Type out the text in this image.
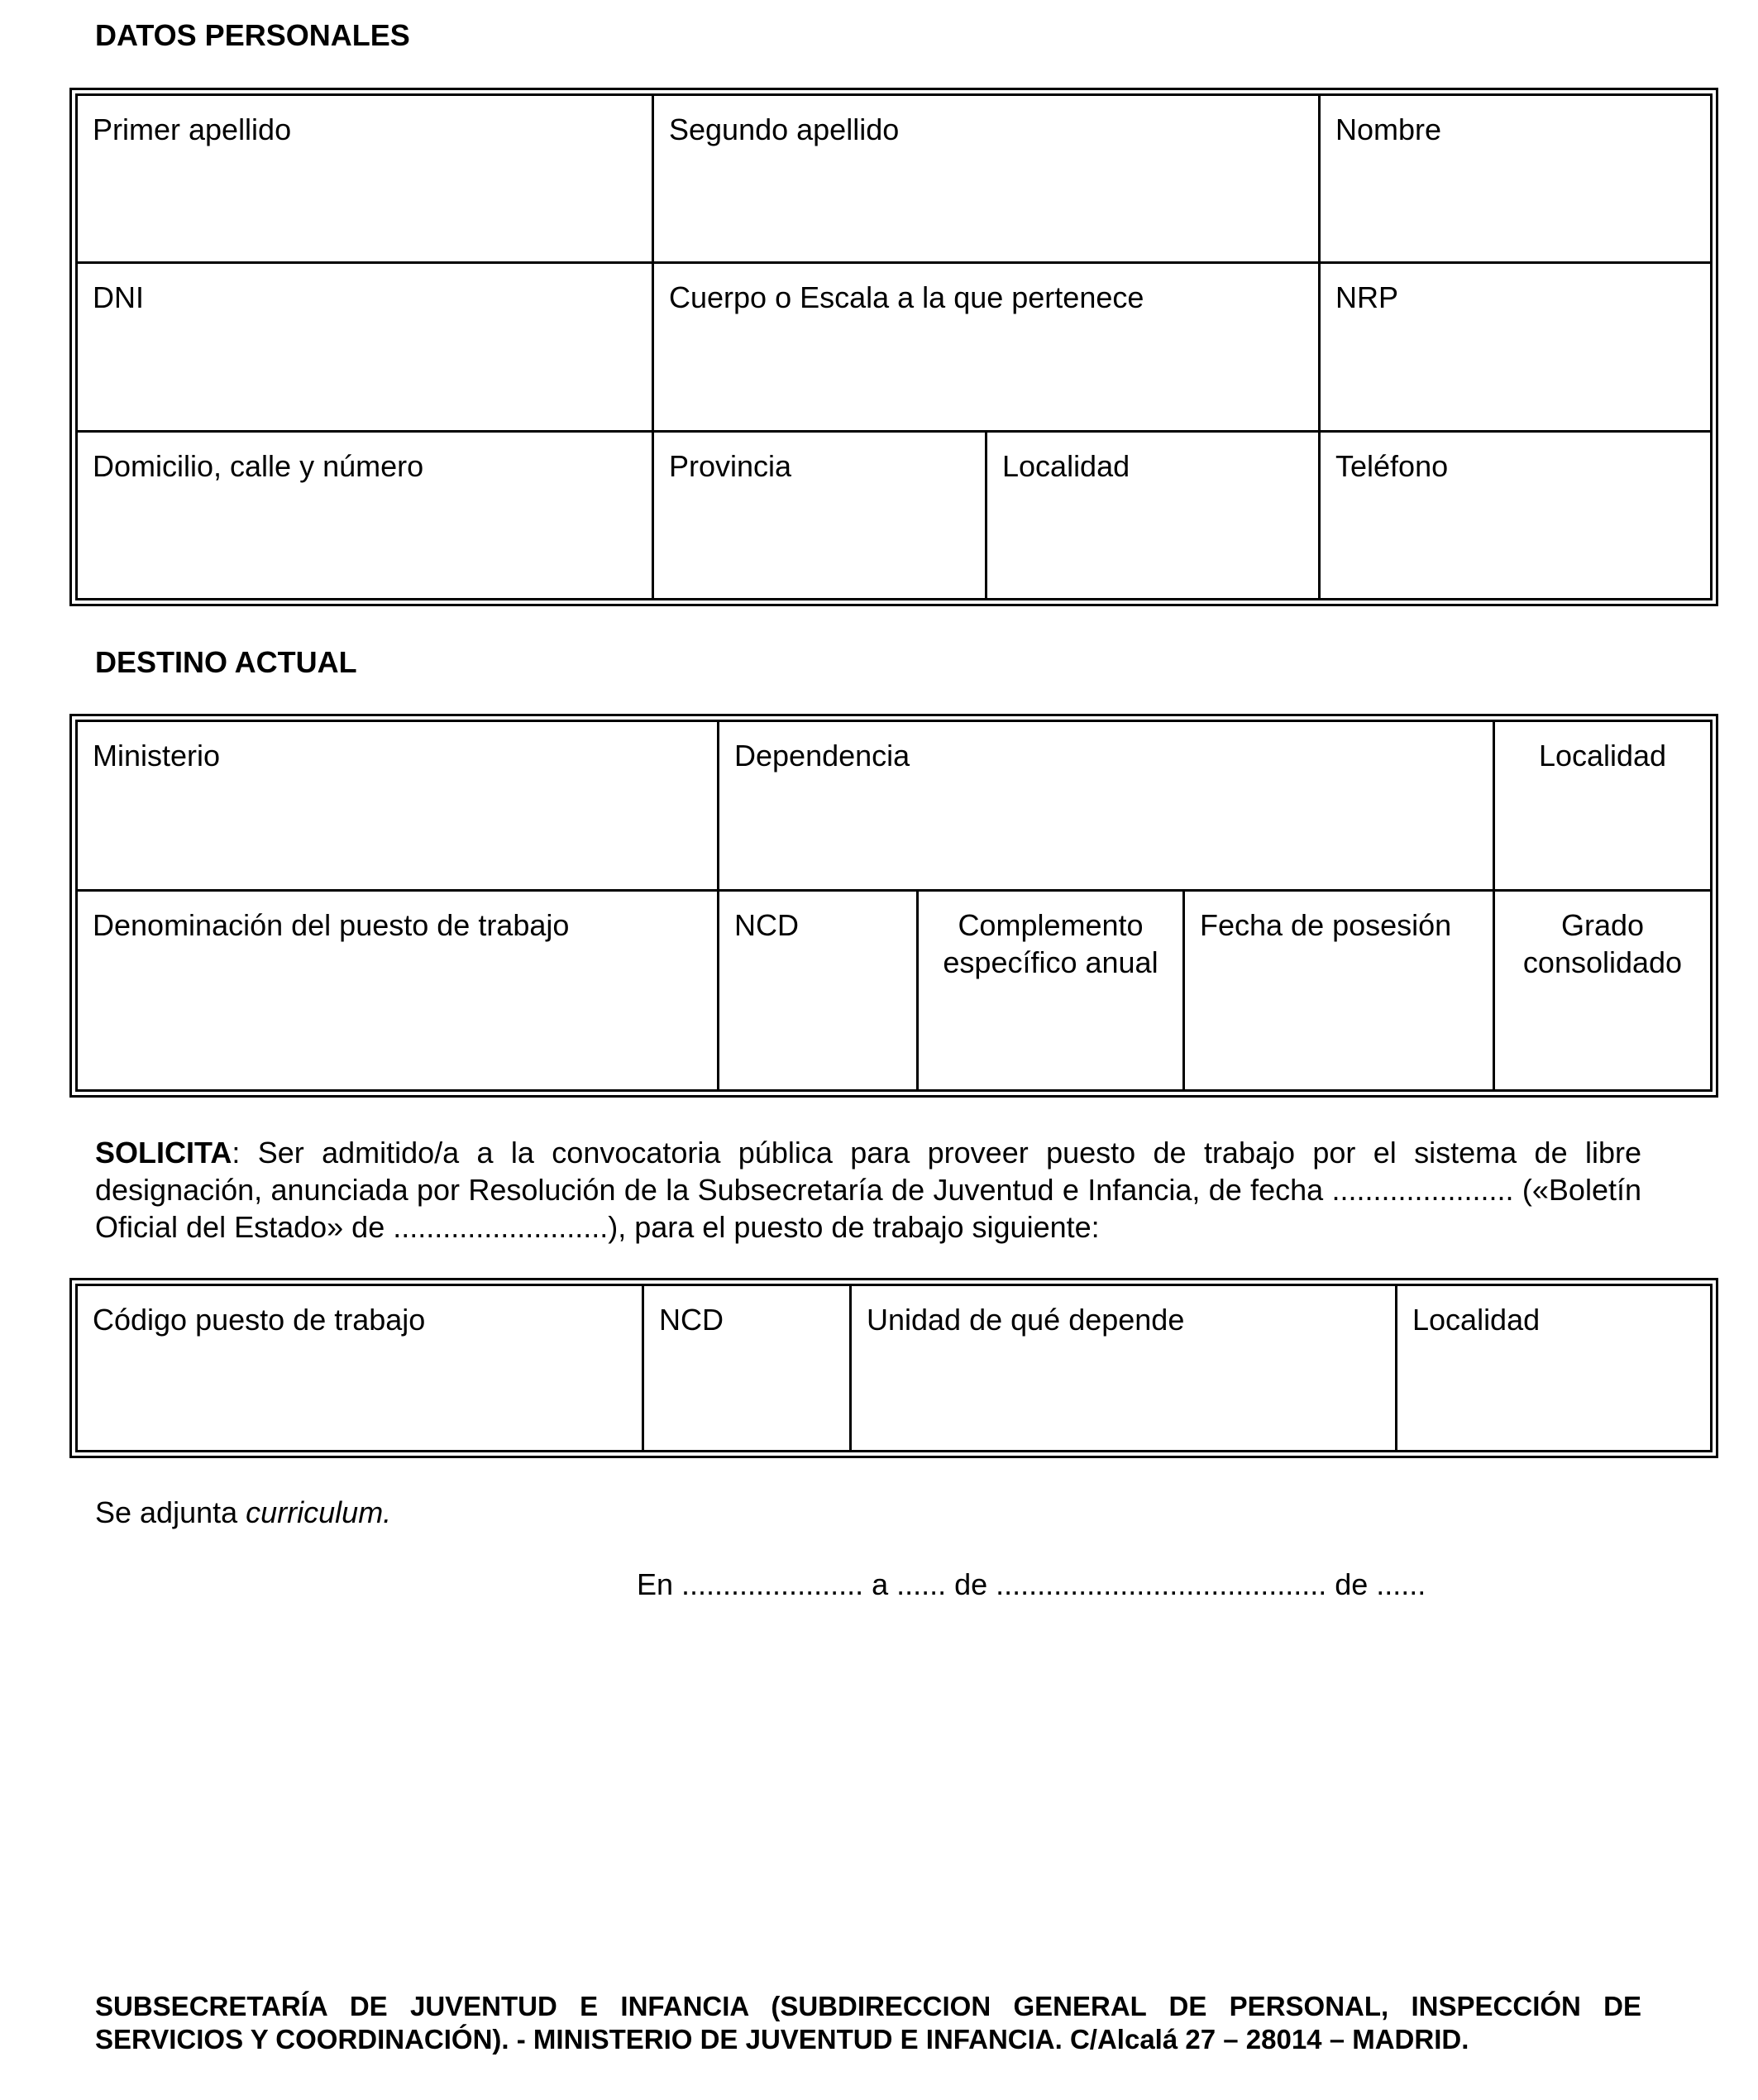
DATOS PERSONALES
Primer apellido	Segundo apellido		Nombre
DNI	Cuerpo o Escala a la que pertenece		NRP
Domicilio, calle y número	Provincia	Localidad	Teléfono
DESTINO ACTUAL
Ministerio	Dependencia			Localidad
Denominación del puesto de trabajo	NCD	Complemento específico anual	Fecha de posesión	Grado consolidado

SOLICITA: Ser admitido/a a la convocatoria pública para proveer puesto de trabajo por el sistema de libre designación, anunciada por Resolución de la Subsecretaría de Juventud e Infancia, de fecha ...................... («Boletín Oficial del Estado» de ..........................), para el puesto de trabajo siguiente:

Código puesto de trabajo	NCD	Unidad de qué depende	Localidad

Se adjunta curriculum.

En ...................... a ...... de ........................................ de ......

SUBSECRETARÍA DE JUVENTUD E INFANCIA (SUBDIRECCION GENERAL DE PERSONAL, INSPECCIÓN DE SERVICIOS Y COORDINACIÓN). - MINISTERIO DE JUVENTUD E INFANCIA. C/Alcalá 27 – 28014 – MADRID.
